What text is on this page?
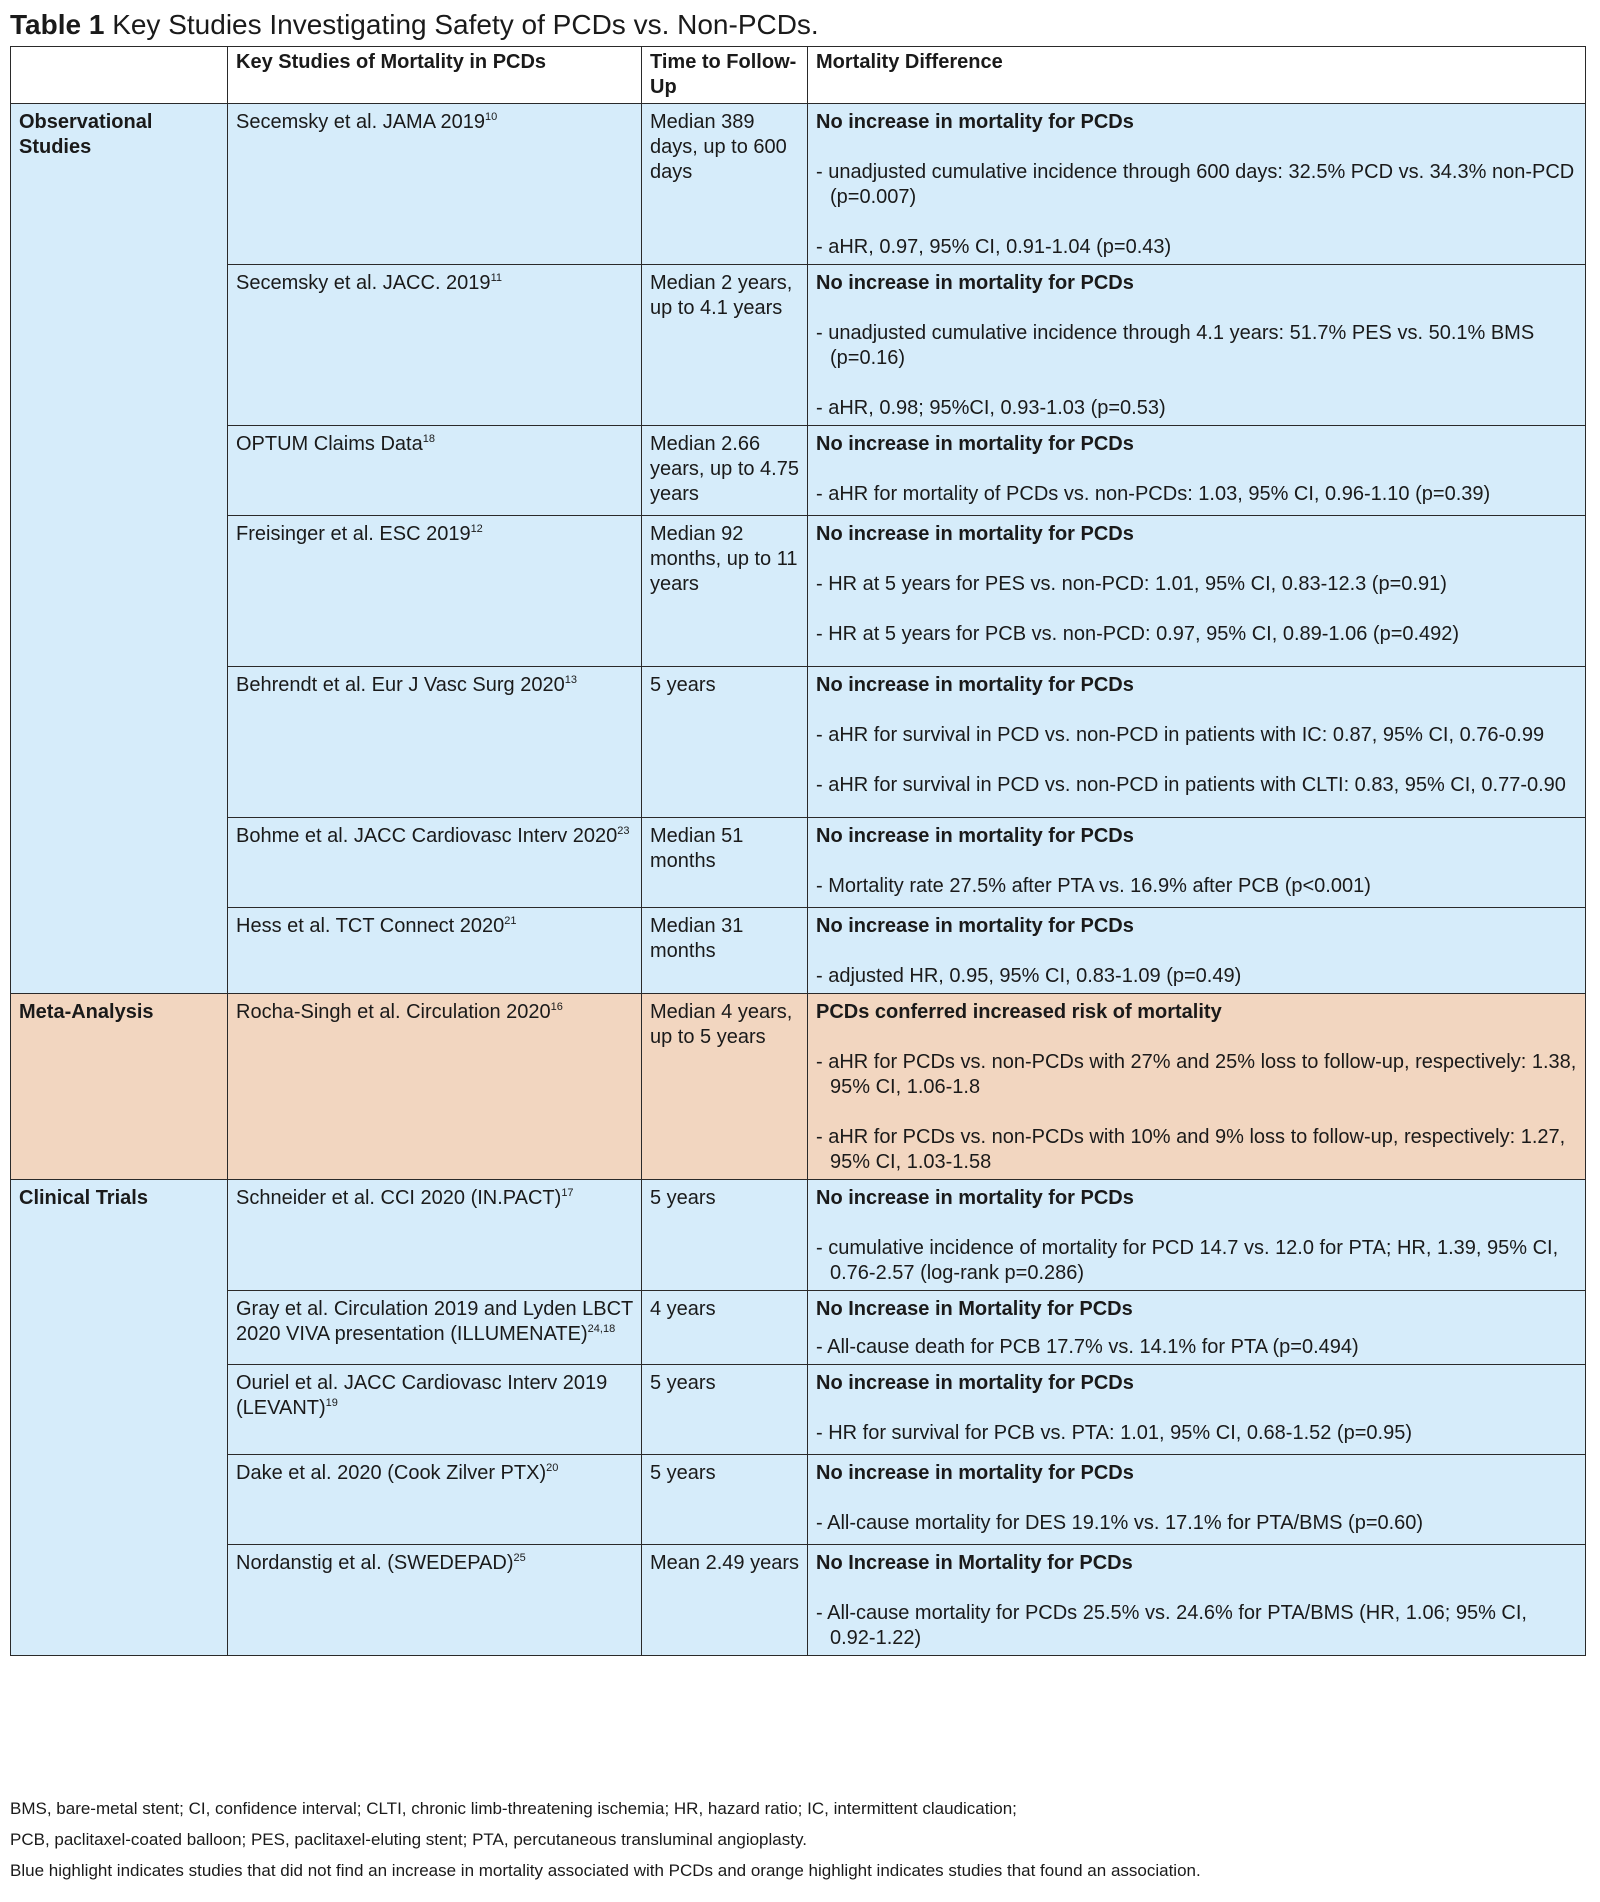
Table 1 Key Studies Investigating Safety of PCDs vs. Non-PCDs.
	Key Studies of Mortality in PCDs	Time to Follow-Up	Mortality Difference
Observational Studies	Secemsky et al. JAMA 2019$^{10}$	Median 389 days, up to 600 days	No increase in mortality for PCDs
- unadjusted cumulative incidence through 600 days: 32.5% PCD vs. 34.3% non-PCD (p=0.007)
- aHR, 0.97, 95% CI, 0.91-1.04 (p=0.43)

	Secemsky et al. JACC. 2019$^{11}$	Median 2 years, up to 4.1 years	No increase in mortality for PCDs
- unadjusted cumulative incidence through 4.1 years: 51.7% PES vs. 50.1% BMS (p=0.16)
- aHR, 0.98; 95%CI, 0.93-1.03 (p=0.53)

	OPTUM Claims Data$^{18}$	Median 2.66 years, up to 4.75 years	No increase in mortality for PCDs
- aHR for mortality of PCDs vs. non-PCDs: 1.03, 95% CI, 0.96-1.10 (p=0.39)

	Freisinger et al. ESC 2019$^{12}$	Median 92 months, up to 11 years	No increase in mortality for PCDs
- HR at 5 years for PES vs. non-PCD: 1.01, 95% CI, 0.83-12.3 (p=0.91)
- HR at 5 years for PCB vs. non-PCD: 0.97, 95% CI, 0.89-1.06 (p=0.492)

	Behrendt et al. Eur J Vasc Surg 2020$^{13}$	5 years	No increase in mortality for PCDs
- aHR for survival in PCD vs. non-PCD in patients with IC: 0.87, 95% CI, 0.76-0.99
- aHR for survival in PCD vs. non-PCD in patients with CLTI: 0.83, 95% CI, 0.77-0.90

	Bohme et al. JACC Cardiovasc Interv 2020$^{23}$	Median 51 months	No increase in mortality for PCDs
- Mortality rate 27.5% after PTA vs. 16.9% after PCB (p<0.001)

	Hess et al. TCT Connect 2020$^{21}$	Median 31 months	No increase in mortality for PCDs
- adjusted HR, 0.95, 95% CI, 0.83-1.09 (p=0.49)

Meta-Analysis	Rocha-Singh et al. Circulation 2020$^{16}$	Median 4 years, up to 5 years	PCDs conferred increased risk of mortality
- aHR for PCDs vs. non-PCDs with 27% and 25% loss to follow-up, respectively: 1.38, 95% CI, 1.06-1.8
- aHR for PCDs vs. non-PCDs with 10% and 9% loss to follow-up, respectively: 1.27, 95% CI, 1.03-1.58

Clinical Trials	Schneider et al. CCI 2020 (IN.PACT)$^{17}$	5 years	No increase in mortality for PCDs
- cumulative incidence of mortality for PCD 14.7 vs. 12.0 for PTA; HR, 1.39, 95% CI, 0.76-2.57 (log-rank p=0.286)

	Gray et al. Circulation 2019 and Lyden LBCT 2020 VIVA presentation (ILLUMENATE)$^{24,18}$	4 years	No Increase in Mortality for PCDs
- All-cause death for PCB 17.7% vs. 14.1% for PTA (p=0.494)

	Ouriel et al. JACC Cardiovasc Interv 2019 (LEVANT)$^{19}$	5 years	No increase in mortality for PCDs
- HR for survival for PCB vs. PTA: 1.01, 95% CI, 0.68-1.52 (p=0.95)

	Dake et al. 2020 (Cook Zilver PTX)$^{20}$	5 years	No increase in mortality for PCDs
- All-cause mortality for DES 19.1% vs. 17.1% for PTA/BMS (p=0.60)

	Nordanstig et al. (SWEDEPAD)$^{25}$	Mean 2.49 years	No Increase in Mortality for PCDs
- All-cause mortality for PCDs 25.5% vs. 24.6% for PTA/BMS (HR, 1.06; 95% CI, 0.92-1.22)
BMS, bare-metal stent; CI, confidence interval; CLTI, chronic limb-threatening ischemia; HR, hazard ratio; IC, intermittent claudication;
PCB, paclitaxel-coated balloon; PES, paclitaxel-eluting stent; PTA, percutaneous transluminal angioplasty.
Blue highlight indicates studies that did not find an increase in mortality associated with PCDs and orange highlight indicates studies that found an association.
